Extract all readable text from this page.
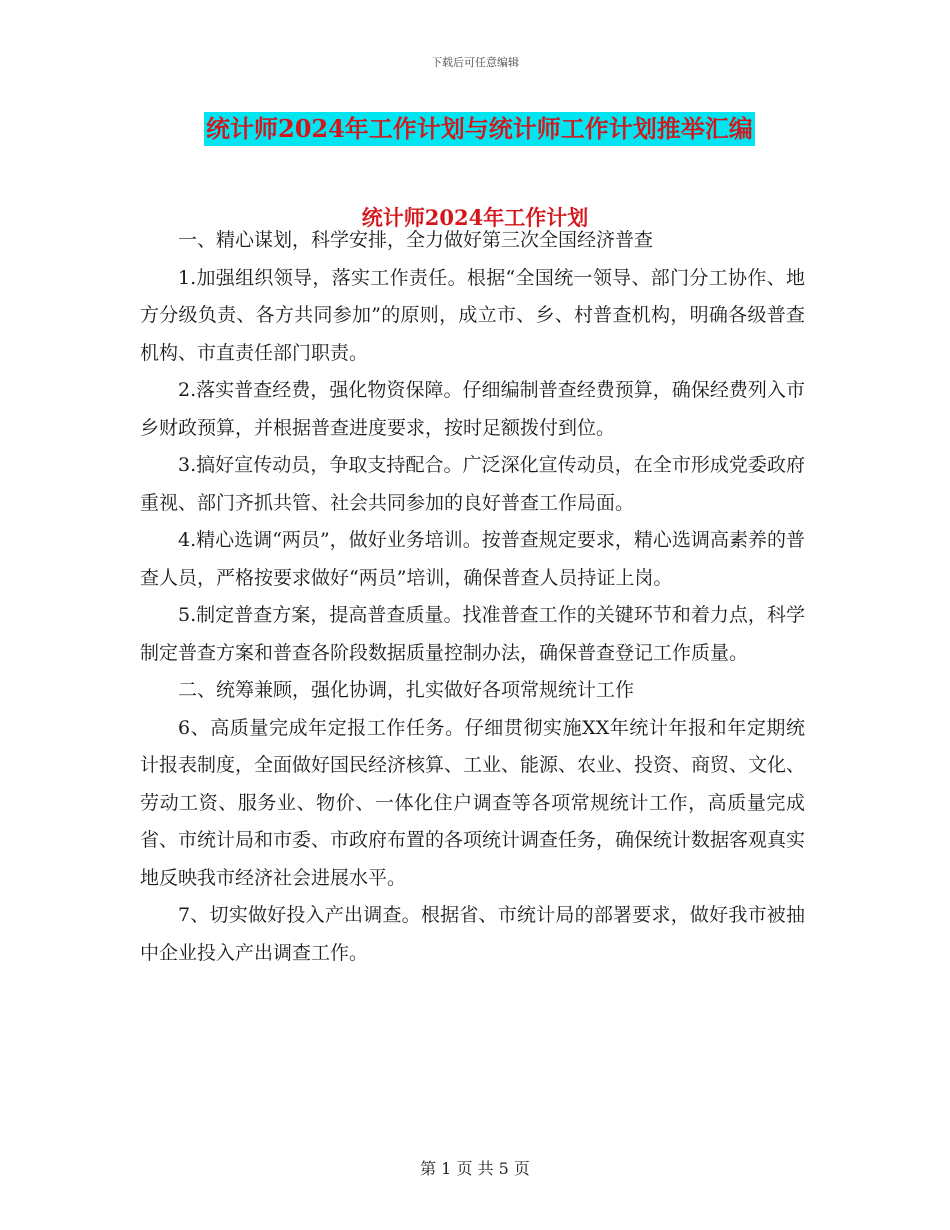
下载后可任意编辑
统计师2024年工作计划与统计师工作计划推举汇编
统计师2024年工作计划

一、精心谋划，科学安排，全力做好第三次全国经济普查

1.加强组织领导，落实工作责任。根据“全国统一领导、部门分工协作、地方分级负责、各方共同参加”的原则，成立市、乡、村普查机构，明确各级普查机构、市直责任部门职责。

2.落实普查经费，强化物资保障。仔细编制普查经费预算，确保经费列入市乡财政预算，并根据普查进度要求，按时足额拨付到位。

3.搞好宣传动员，争取支持配合。广泛深化宣传动员，在全市形成党委政府重视、部门齐抓共管、社会共同参加的良好普查工作局面。

4.精心选调“两员”，做好业务培训。按普查规定要求，精心选调高素养的普查人员，严格按要求做好“两员”培训，确保普查人员持证上岗。

5.制定普查方案，提高普查质量。找准普查工作的关键环节和着力点，科学制定普查方案和普查各阶段数据质量控制办法，确保普查登记工作质量。

二、统筹兼顾，强化协调，扎实做好各项常规统计工作

6、高质量完成年定报工作任务。仔细贯彻实施XX年统计年报和年定期统计报表制度，全面做好国民经济核算、工业、能源、农业、投资、商贸、文化、劳动工资、服务业、物价、一体化住户调查等各项常规统计工作，高质量完成省、市统计局和市委、市政府布置的各项统计调查任务，确保统计数据客观真实地反映我市经济社会进展水平。

7、切实做好投入产出调查。根据省、市统计局的部署要求，做好我市被抽中企业投入产出调查工作。

第 1 页 共 5 页
